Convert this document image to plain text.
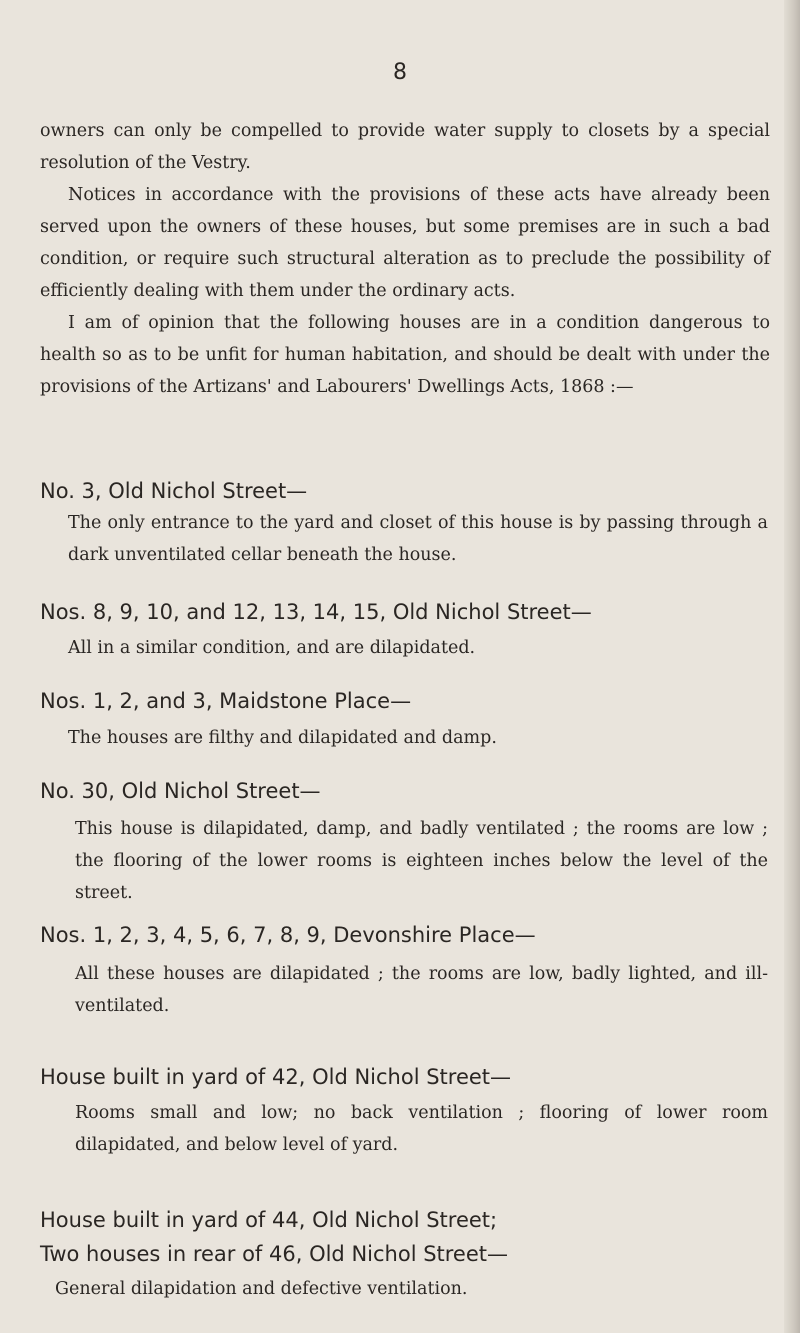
8

owners can only be compelled to provide water supply to closets by a special resolution of the Vestry.

Notices in accordance with the provisions of these acts have already been served upon the owners of these houses, but some premises are in such a bad condition, or require such structural alteration as to preclude the possibility of efficiently dealing with them under the ordinary acts.

I am of opinion that the following houses are in a condition dangerous to health so as to be unfit for human habitation, and should be dealt with under the provisions of the Artizans' and Labourers' Dwellings Acts, 1868 :—

No. 3, Old Nichol Street—
The only entrance to the yard and closet of this house is by passing through a dark unventilated cellar beneath the house.
Nos. 8, 9, 10, and 12, 13, 14, 15, Old Nichol Street—
All in a similar condition, and are dilapidated.
Nos. 1, 2, and 3, Maidstone Place—
The houses are filthy and dilapidated and damp.
No. 30, Old Nichol Street—
This house is dilapidated, damp, and badly ventilated ; the rooms are low ; the flooring of the lower rooms is eighteen inches below the level of the street.
Nos. 1, 2, 3, 4, 5, 6, 7, 8, 9, Devonshire Place—
All these houses are dilapidated ; the rooms are low, badly lighted, and ill-ventilated.
House built in yard of 42, Old Nichol Street—
Rooms small and low; no back ventilation ; flooring of lower room dilapidated, and below level of yard.
House built in yard of 44, Old Nichol Street;
Two houses in rear of 46, Old Nichol Street—
General dilapidation and defective ventilation.
